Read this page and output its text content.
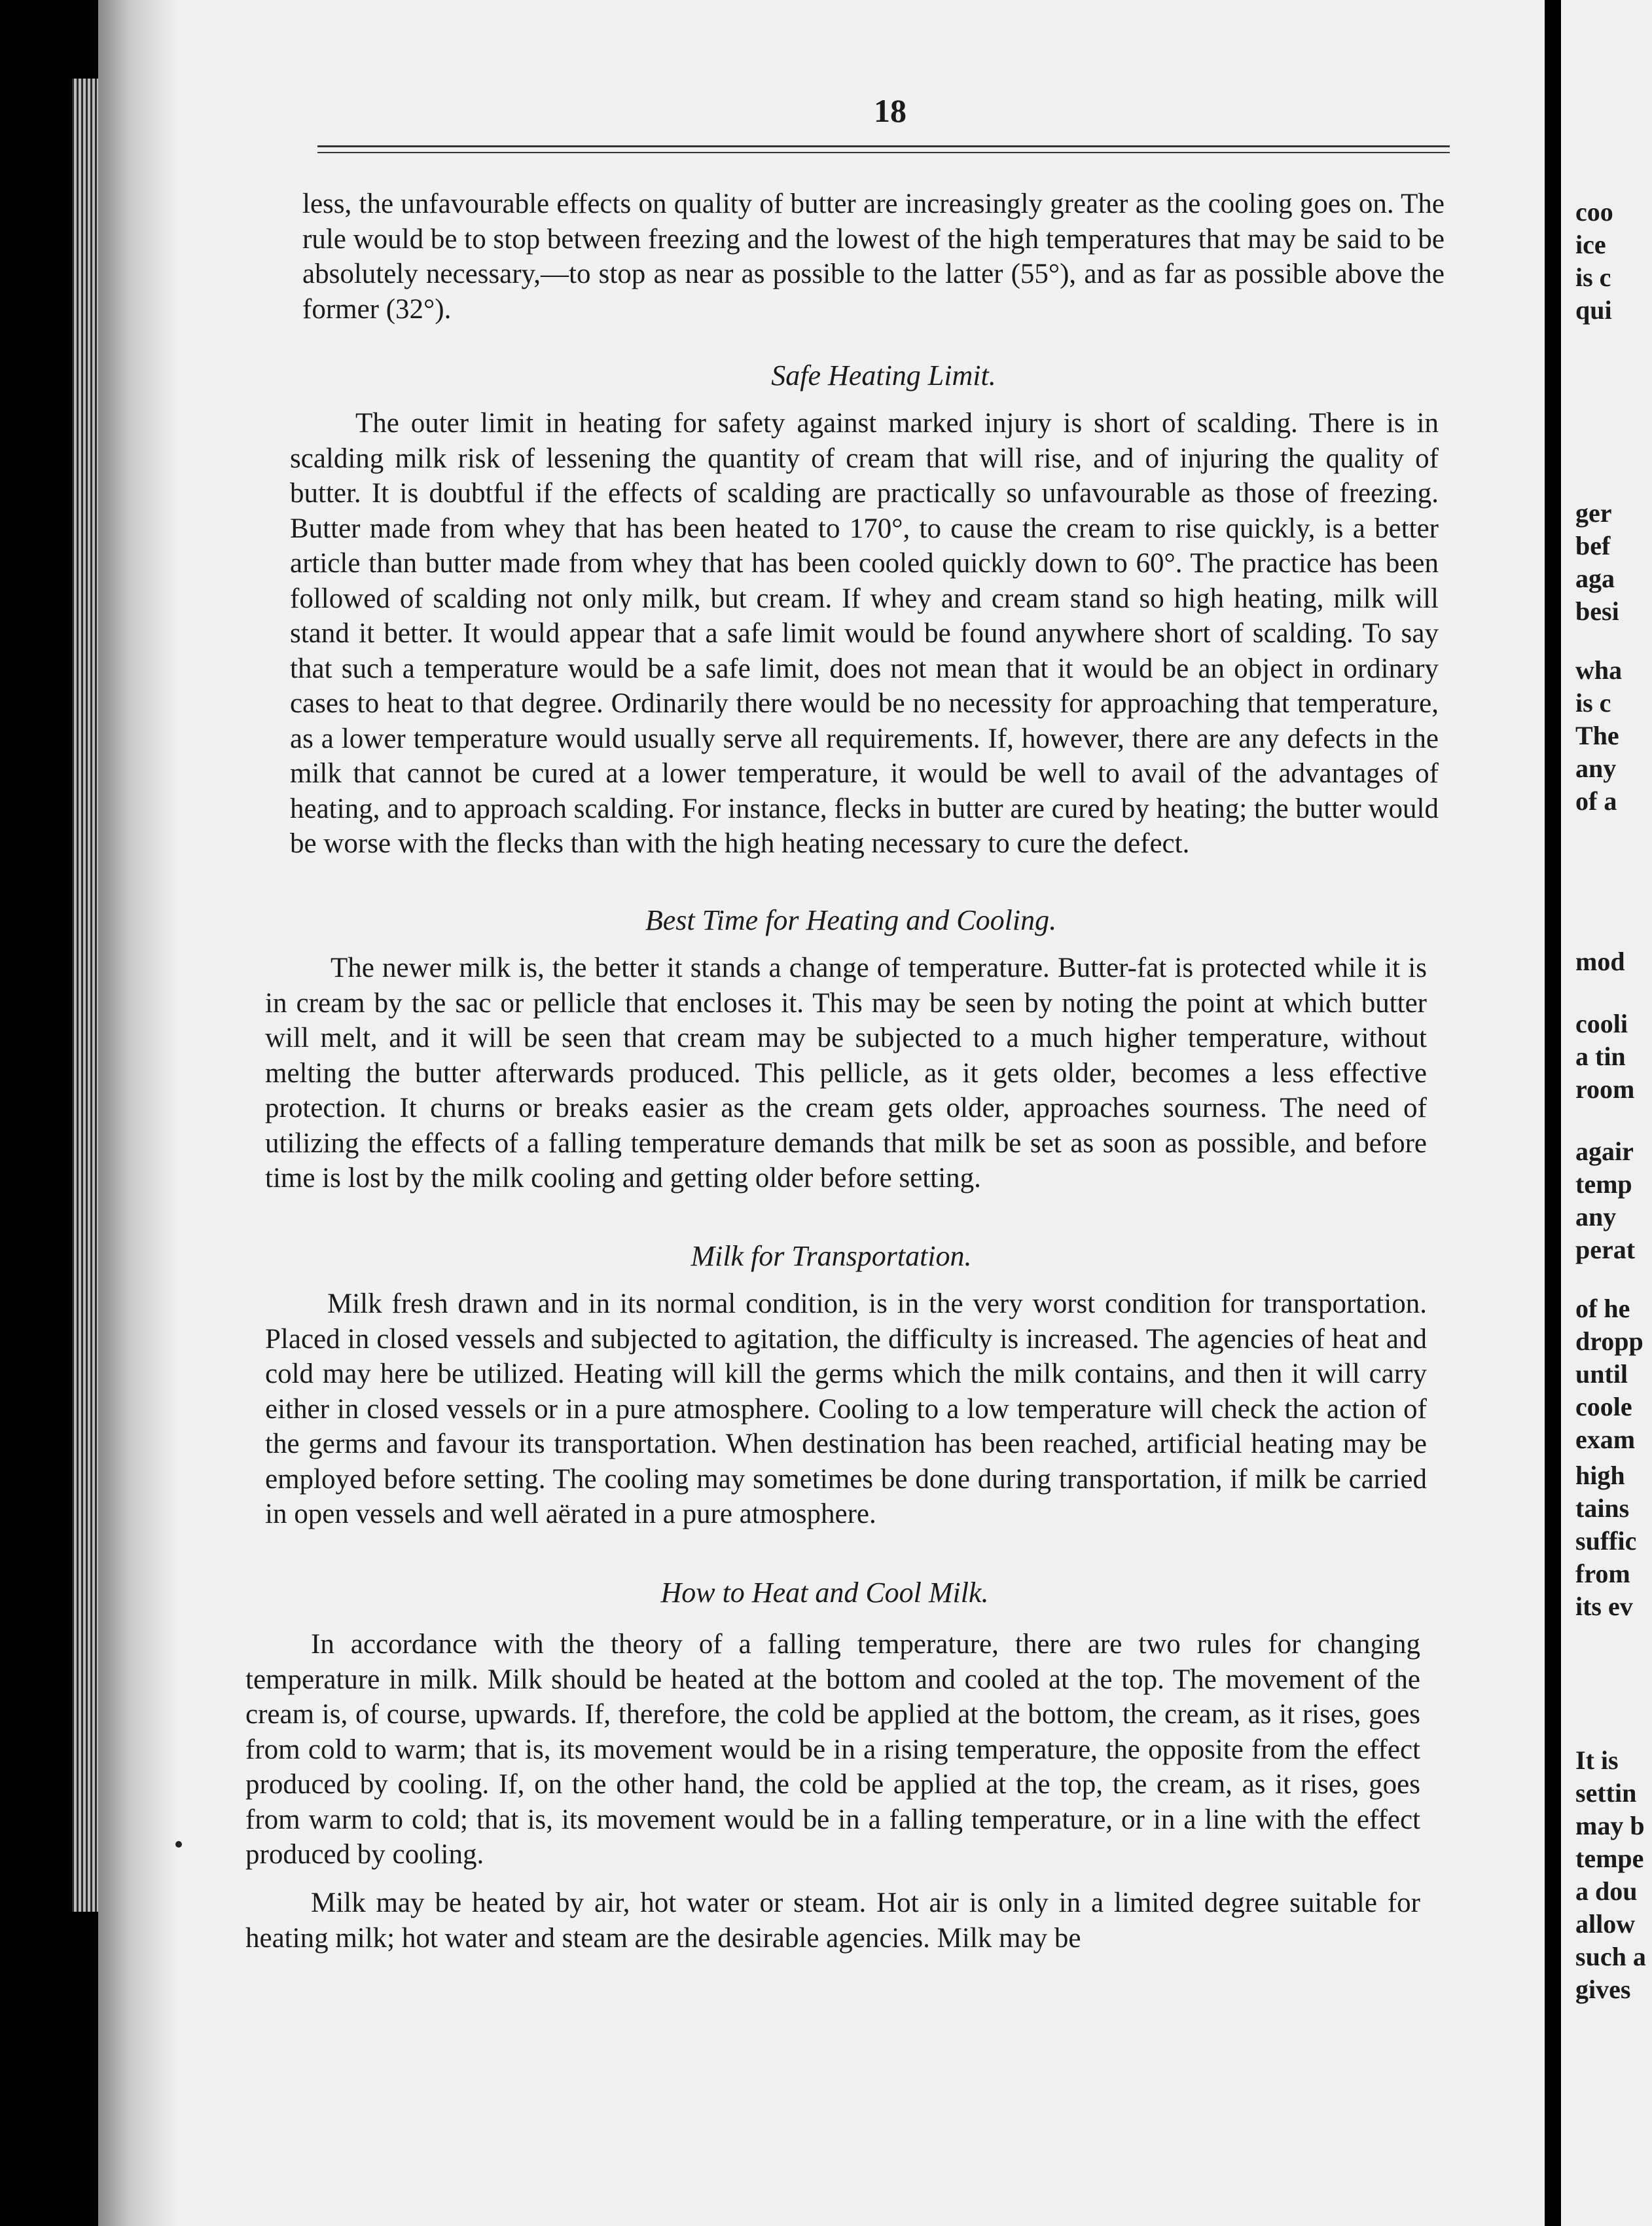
18

less, the unfavourable effects on quality of butter are increasingly greater as the cooling goes on. The rule would be to stop between freezing and the lowest of the high temperatures that may be said to be absolutely necessary,—to stop as near as possible to the latter (55°), and as far as possible above the former (32°).

Safe Heating Limit.

The outer limit in heating for safety against marked injury is short of scalding. There is in scalding milk risk of lessening the quantity of cream that will rise, and of injuring the quality of butter. It is doubtful if the effects of scalding are practically so unfavourable as those of freezing. Butter made from whey that has been heated to 170°, to cause the cream to rise quickly, is a better article than butter made from whey that has been cooled quickly down to 60°. The practice has been followed of scalding not only milk, but cream. If whey and cream stand so high heating, milk will stand it better. It would appear that a safe limit would be found anywhere short of scalding. To say that such a temperature would be a safe limit, does not mean that it would be an object in ordinary cases to heat to that degree. Ordinarily there would be no necessity for approaching that temperature, as a lower temperature would usually serve all requirements. If, however, there are any defects in the milk that cannot be cured at a lower temperature, it would be well to avail of the advantages of heating, and to approach scalding. For instance, flecks in butter are cured by heating; the butter would be worse with the flecks than with the high heating necessary to cure the defect.

Best Time for Heating and Cooling.

The newer milk is, the better it stands a change of temperature. Butter-fat is protected while it is in cream by the sac or pellicle that encloses it. This may be seen by noting the point at which butter will melt, and it will be seen that cream may be subjected to a much higher temperature, without melting the butter afterwards produced. This pellicle, as it gets older, becomes a less effective protection. It churns or breaks easier as the cream gets older, approaches sourness. The need of utilizing the effects of a falling temperature demands that milk be set as soon as possible, and before time is lost by the milk cooling and getting older before setting.

Milk for Transportation.

Milk fresh drawn and in its normal condition, is in the very worst condition for transportation. Placed in closed vessels and subjected to agitation, the difficulty is increased. The agencies of heat and cold may here be utilized. Heating will kill the germs which the milk contains, and then it will carry either in closed vessels or in a pure atmosphere. Cooling to a low temperature will check the action of the germs and favour its transportation. When destination has been reached, artificial heating may be employed before setting. The cooling may sometimes be done during transportation, if milk be carried in open vessels and well aërated in a pure atmosphere.

How to Heat and Cool Milk.

In accordance with the theory of a falling temperature, there are two rules for changing temperature in milk. Milk should be heated at the bottom and cooled at the top. The movement of the cream is, of course, upwards. If, therefore, the cold be applied at the bottom, the cream, as it rises, goes from cold to warm; that is, its movement would be in a rising temperature, the opposite from the effect produced by cooling. If, on the other hand, the cold be applied at the top, the cream, as it rises, goes from warm to cold; that is, its movement would be in a falling temperature, or in a line with the effect produced by cooling.

Milk may be heated by air, hot water or steam. Hot air is only in a limited degree suitable for heating milk; hot water and steam are the desirable agencies. Milk may be

coo
ice
is c
qui
ger
bef
aga
besi
wha
is c
The
any
of a
mod
cooli
a tin
room
agair
temp
any
perat
of he
dropp
until
coole
exam
high
tains
suffic
from
its ev
It is
settin
may b
tempe
a dou
allow
such a
gives
